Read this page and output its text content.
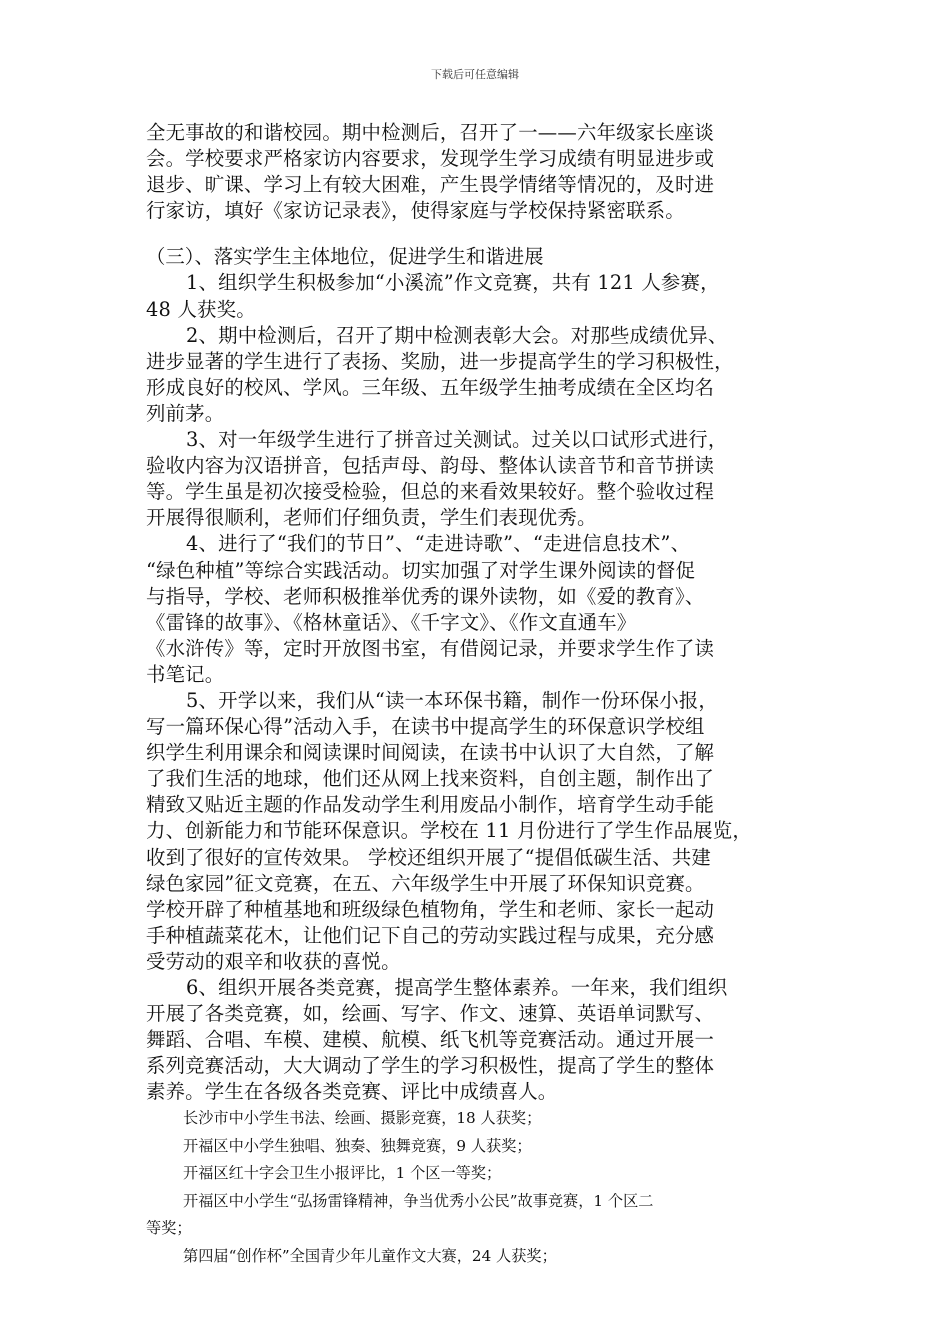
下载后可任意编辑

全无事故的和谐校园。期中检测后，召开了一——六年级家长座谈

会。学校要求严格家访内容要求，发现学生学习成绩有明显进步或

退步、旷课、学习上有较大困难，产生畏学情绪等情况的，及时进

行家访，填好《家访记录表》，使得家庭与学校保持紧密联系。

（三）、落实学生主体地位，促进学生和谐进展

1、组织学生积极参加“小溪流”作文竞赛，共有 121 人参赛，

48 人获奖。

2、期中检测后，召开了期中检测表彰大会。对那些成绩优异、

进步显著的学生进行了表扬、奖励，进一步提高学生的学习积极性，

形成良好的校风、学风。三年级、五年级学生抽考成绩在全区均名

列前茅。

3、对一年级学生进行了拼音过关测试。过关以口试形式进行，

验收内容为汉语拼音，包括声母、韵母、整体认读音节和音节拼读

等。学生虽是初次接受检验，但总的来看效果较好。整个验收过程

开展得很顺利，老师们仔细负责，学生们表现优秀。

4、进行了“我们的节日”、“走进诗歌”、“走进信息技术”、

“绿色种植”等综合实践活动。切实加强了对学生课外阅读的督促

与指导，学校、老师积极推举优秀的课外读物，如《爱的教育》、

《雷锋的故事》、《格林童话》、《千字文》、《作文直通车》

《水浒传》等，定时开放图书室，有借阅记录，并要求学生作了读

书笔记。

5、开学以来，我们从“读一本环保书籍，制作一份环保小报，

写一篇环保心得”活动入手，在读书中提高学生的环保意识学校组

织学生利用课余和阅读课时间阅读，在读书中认识了大自然，了解

了我们生活的地球，他们还从网上找来资料，自创主题，制作出了

精致又贴近主题的作品发动学生利用废品小制作，培育学生动手能

力、创新能力和节能环保意识。学校在 11 月份进行了学生作品展览，

收到了很好的宣传效果。 学校还组织开展了“提倡低碳生活、共建

绿色家园”征文竞赛，在五、六年级学生中开展了环保知识竞赛。

学校开辟了种植基地和班级绿色植物角，学生和老师、家长一起动

手种植蔬菜花木，让他们记下自己的劳动实践过程与成果，充分感

受劳动的艰辛和收获的喜悦。

6、组织开展各类竞赛，提高学生整体素养。一年来，我们组织

开展了各类竞赛，如，绘画、写字、作文、速算、英语单词默写、

舞蹈、合唱、车模、建模、航模、纸飞机等竞赛活动。通过开展一

系列竞赛活动，大大调动了学生的学习积极性，提高了学生的整体

素养。学生在各级各类竞赛、评比中成绩喜人。

长沙市中小学生书法、绘画、摄影竞赛，18 人获奖；

开福区中小学生独唱、独奏、独舞竞赛，9 人获奖；

开福区红十字会卫生小报评比，1 个区一等奖；

开福区中小学生“弘扬雷锋精神，争当优秀小公民”故事竞赛，1 个区二

等奖；

第四届“创作杯”全国青少年儿童作文大赛，24 人获奖；
